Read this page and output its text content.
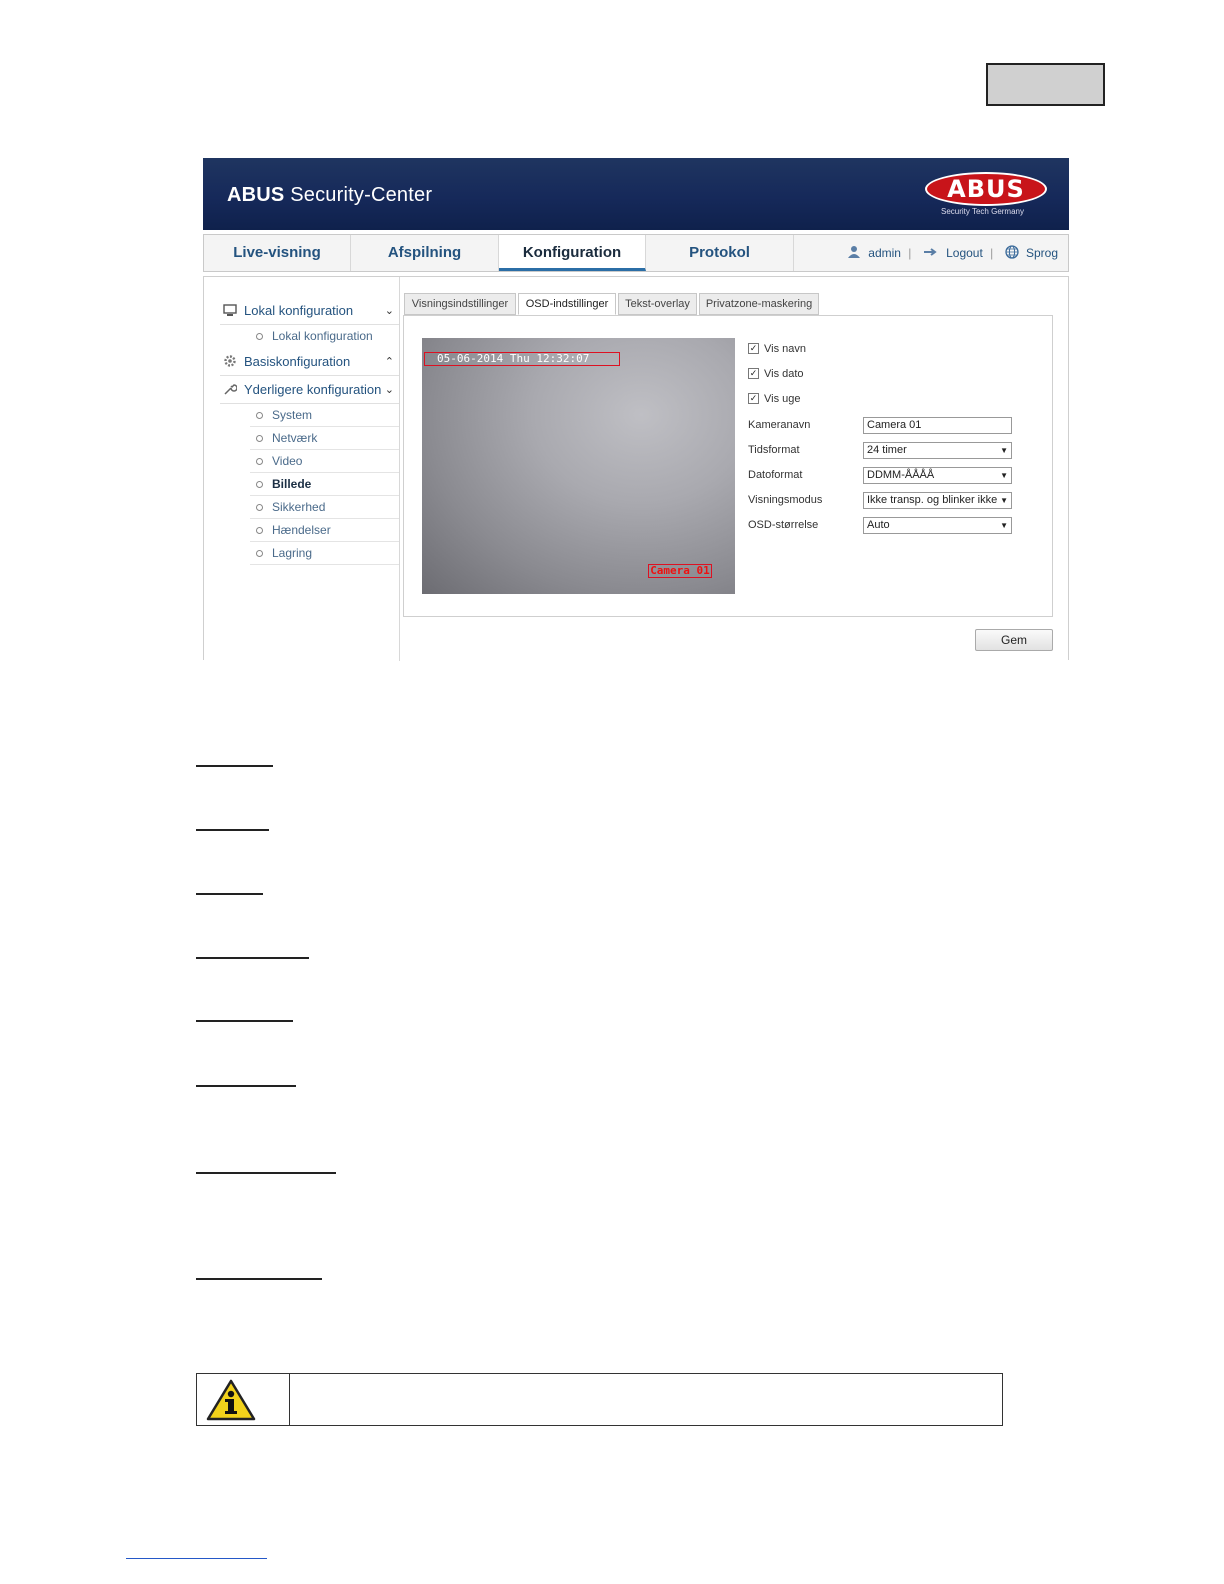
ABUS Security-Center	ABUS
Security Tech Germany
Live-visning	Afspilning	Konfiguration	Protokol	admin |	Logout |	Sprog
Lokal konfiguration	⌄
Lokal konfiguration
Basiskonfiguration	⌃
Yderligere konfiguration ⌄
System
Netværk
Video
Billede
Sikkerhed
Hændelser
Lagring
Visningsindstillinger	OSD-indstillinger	Tekst-overlay	Privatzone-maskering
05-06-2014 Thu 12:32:07
Camera 01
✓ Vis navn
✓ Vis dato
✓ Vis uge
Kameranavn	Camera 01
Tidsformat	24 timer	▼
Datoformat	DDMM-ÅÅÅÅ	▼
Visningsmodus	Ikke transp. og blinker ikke ▼
OSD-størrelse	Auto	▼
Gem
